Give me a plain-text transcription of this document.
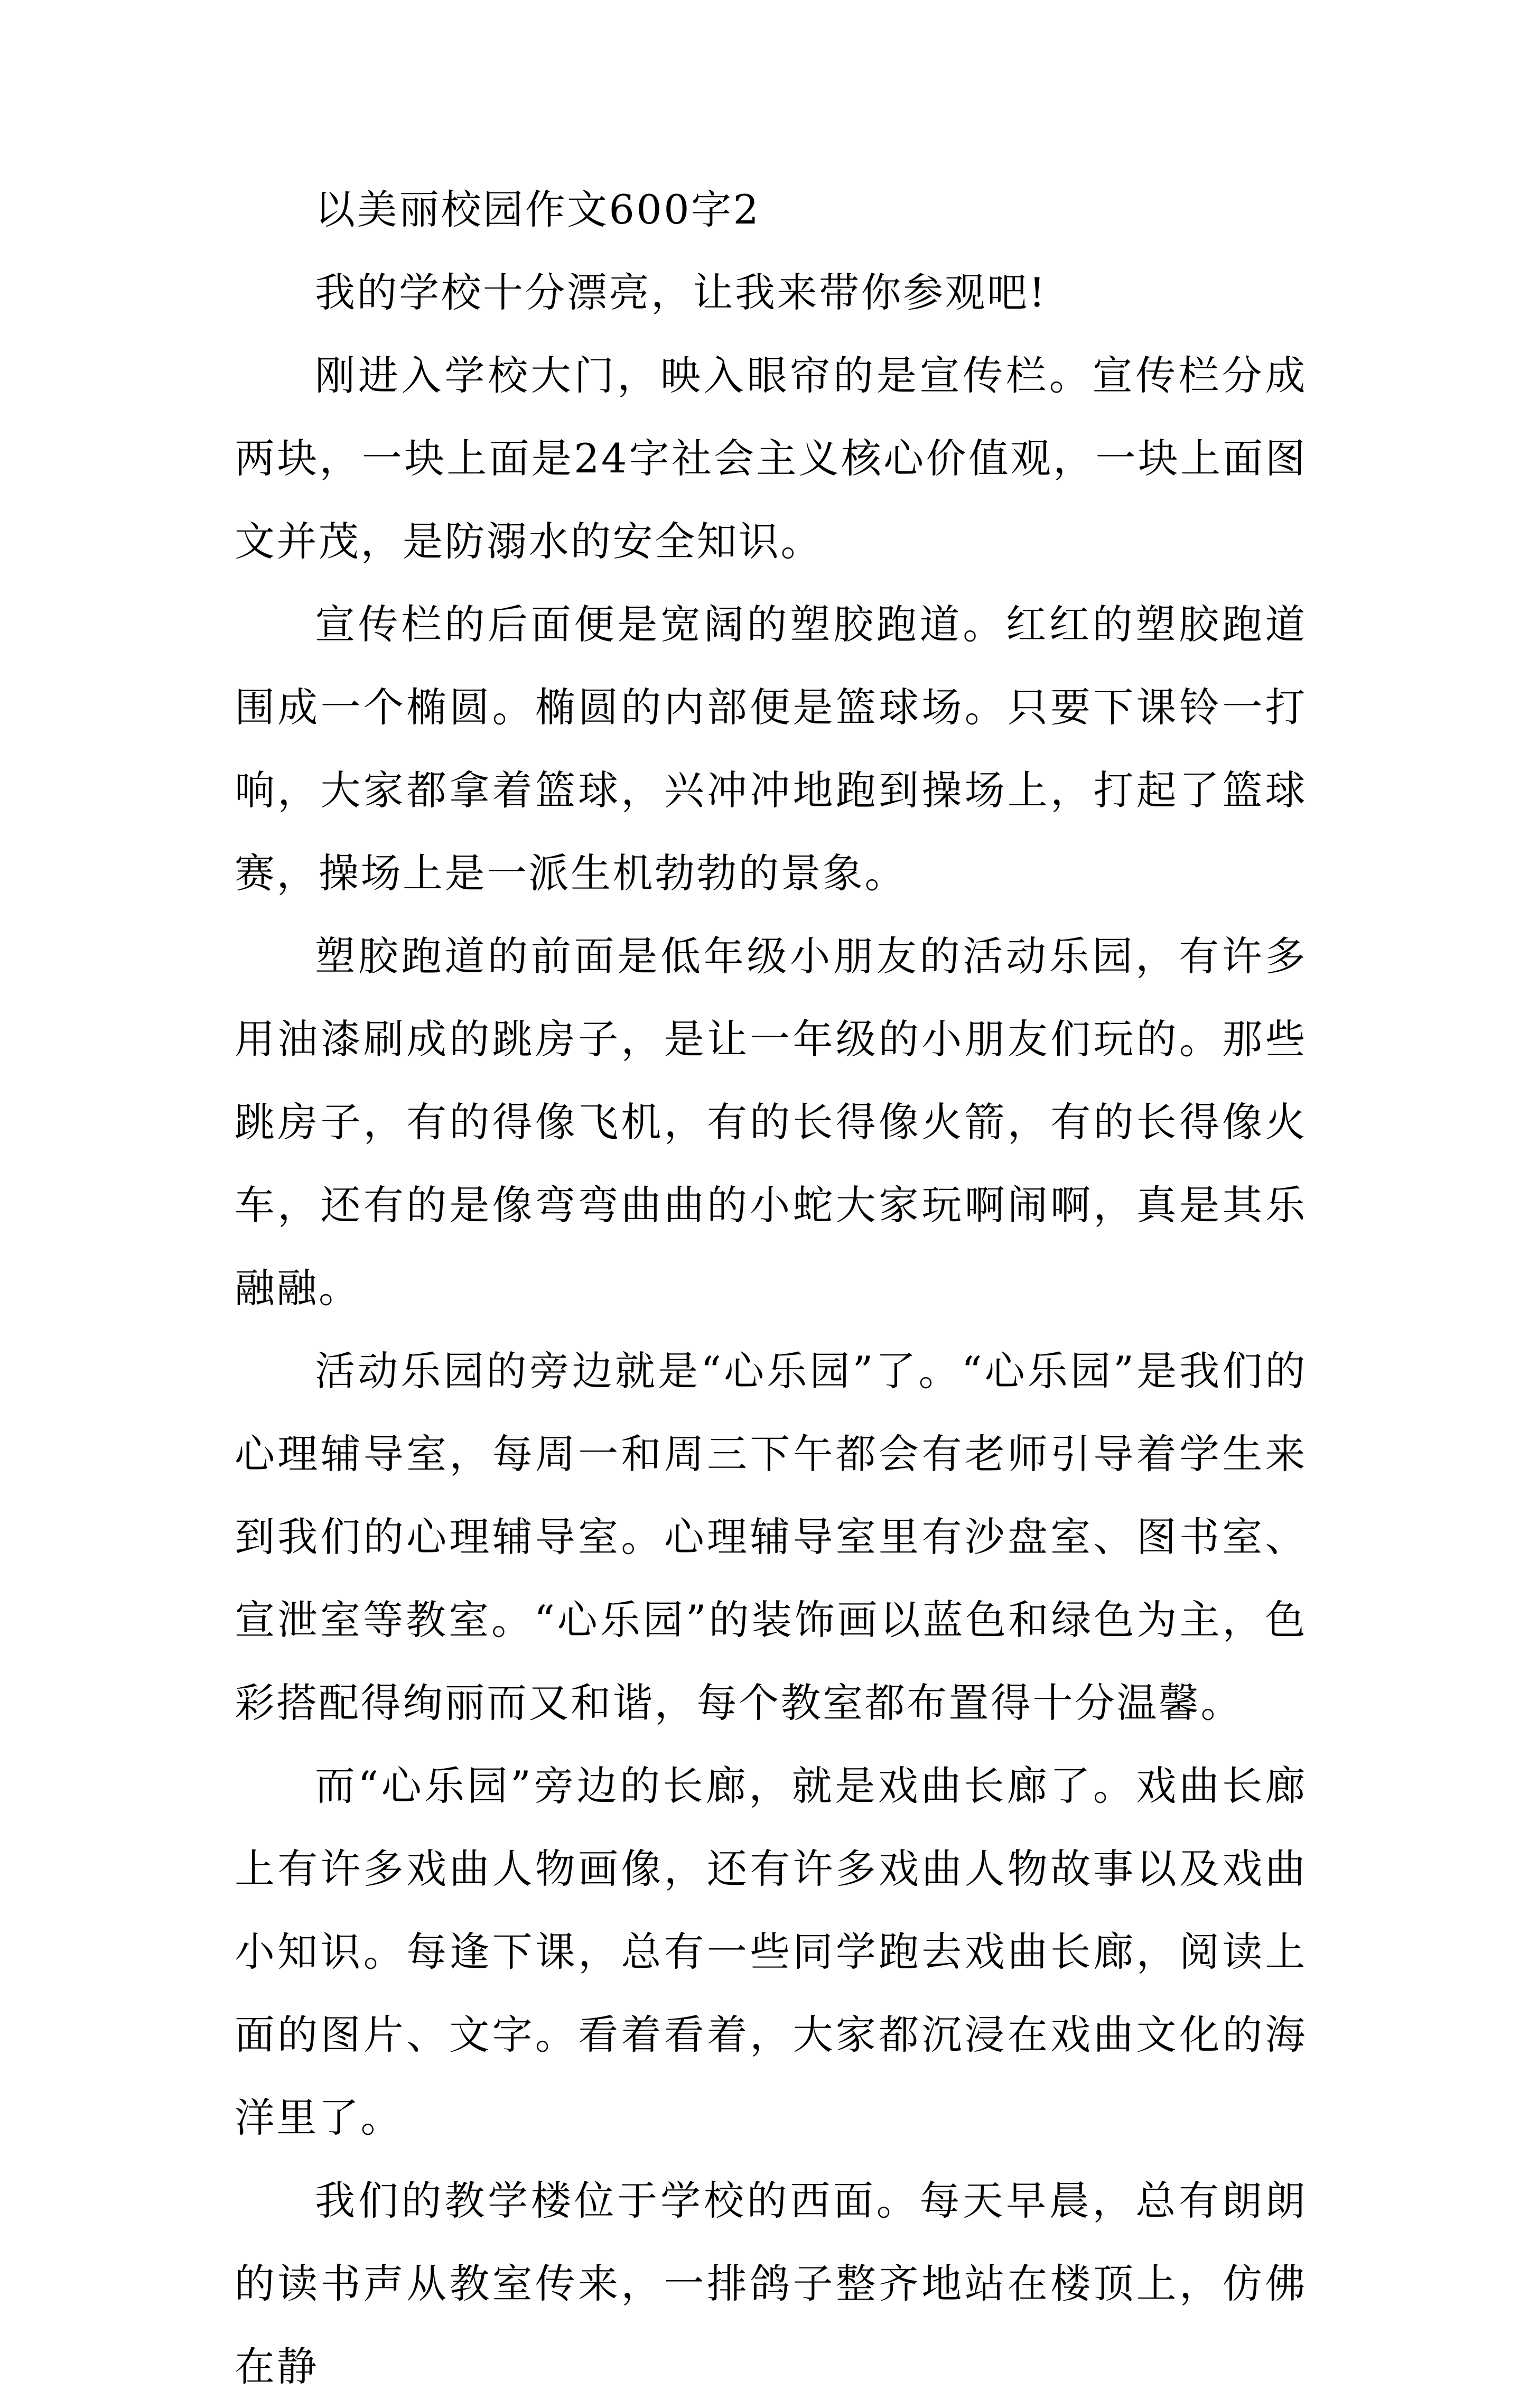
以美丽校园作文600字2

我的学校十分漂亮，让我来带你参观吧!

刚进入学校大门，映入眼帘的是宣传栏。宣传栏分成两块，一块上面是24字社会主义核心价值观，一块上面图文并茂，是防溺水的安全知识。

宣传栏的后面便是宽阔的塑胶跑道。红红的塑胶跑道围成一个椭圆。椭圆的内部便是篮球场。只要下课铃一打响，大家都拿着篮球，兴冲冲地跑到操场上，打起了篮球赛，操场上是一派生机勃勃的景象。

塑胶跑道的前面是低年级小朋友的活动乐园，有许多用油漆刷成的跳房子，是让一年级的小朋友们玩的。那些跳房子，有的得像飞机，有的长得像火箭，有的长得像火车，还有的是像弯弯曲曲的小蛇大家玩啊闹啊，真是其乐融融。

活动乐园的旁边就是“心乐园”了。“心乐园”是我们的心理辅导室，每周一和周三下午都会有老师引导着学生来到我们的心理辅导室。心理辅导室里有沙盘室、图书室、宣泄室等教室。“心乐园”的装饰画以蓝色和绿色为主，色彩搭配得绚丽而又和谐，每个教室都布置得十分温馨。

而“心乐园”旁边的长廊，就是戏曲长廊了。戏曲长廊上有许多戏曲人物画像，还有许多戏曲人物故事以及戏曲小知识。每逢下课，总有一些同学跑去戏曲长廊，阅读上面的图片、文字。看着看着，大家都沉浸在戏曲文化的海洋里了。

我们的教学楼位于学校的西面。每天早晨，总有朗朗的读书声从教室传来，一排鸽子整齐地站在楼顶上，仿佛在静
